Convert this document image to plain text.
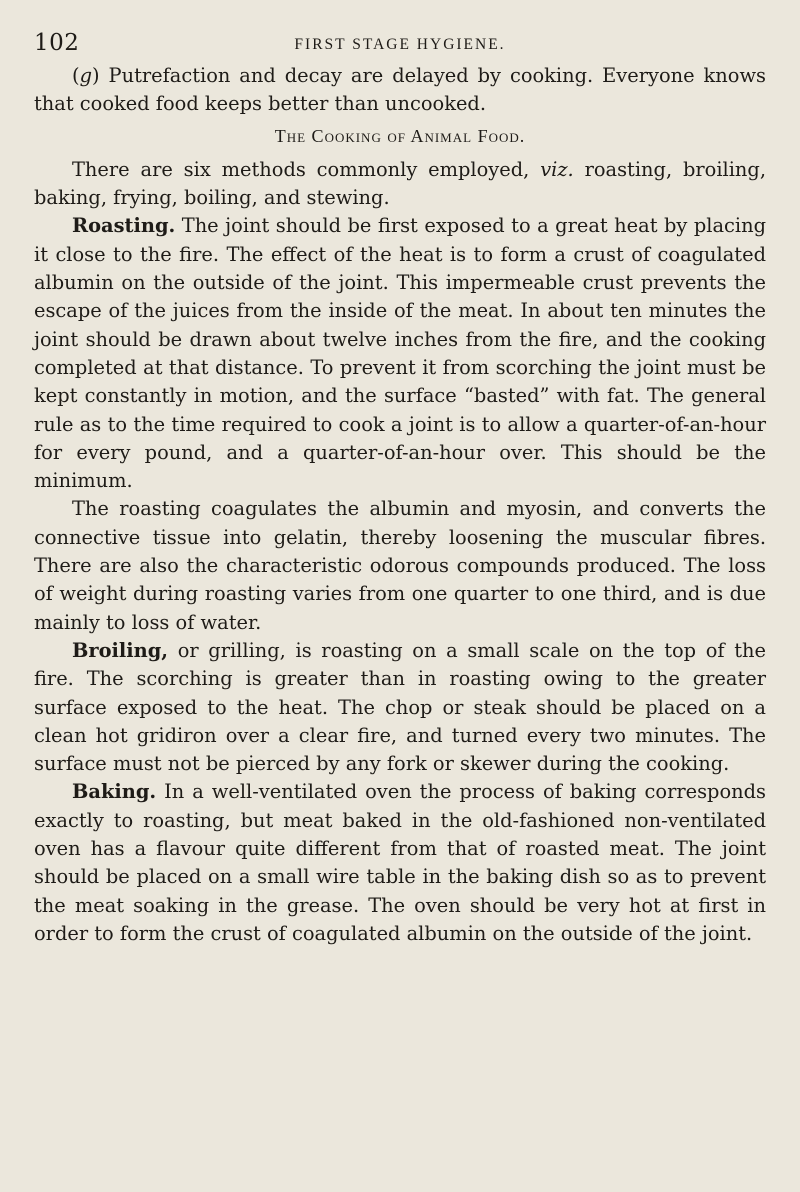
102	FIRST STAGE HYGIENE.

(g) Putrefaction and decay are delayed by cooking. Everyone knows that cooked food keeps better than uncooked.

The Cooking of Animal Food.

There are six methods commonly employed, viz. roasting, broiling, baking, frying, boiling, and stewing.

Roasting. The joint should be first exposed to a great heat by placing it close to the fire. The effect of the heat is to form a crust of coagulated albumin on the outside of the joint. This impermeable crust prevents the escape of the juices from the inside of the meat. In about ten minutes the joint should be drawn about twelve inches from the fire, and the cooking completed at that distance. To prevent it from scorching the joint must be kept constantly in motion, and the surface “basted” with fat. The general rule as to the time required to cook a joint is to allow a quarter-of-an-hour for every pound, and a quarter-of-an-hour over. This should be the minimum.

The roasting coagulates the albumin and myosin, and converts the connective tissue into gelatin, thereby loosening the muscular fibres. There are also the characteristic odorous compounds produced. The loss of weight during roasting varies from one quarter to one third, and is due mainly to loss of water.

Broiling, or grilling, is roasting on a small scale on the top of the fire. The scorching is greater than in roasting owing to the greater surface exposed to the heat. The chop or steak should be placed on a clean hot gridiron over a clear fire, and turned every two minutes. The surface must not be pierced by any fork or skewer during the cooking.

Baking. In a well-ventilated oven the process of baking corresponds exactly to roasting, but meat baked in the old-fashioned non-ventilated oven has a flavour quite different from that of roasted meat. The joint should be placed on a small wire table in the baking dish so as to prevent the meat soaking in the grease. The oven should be very hot at first in order to form the crust of coagulated albumin on the outside of the joint.
